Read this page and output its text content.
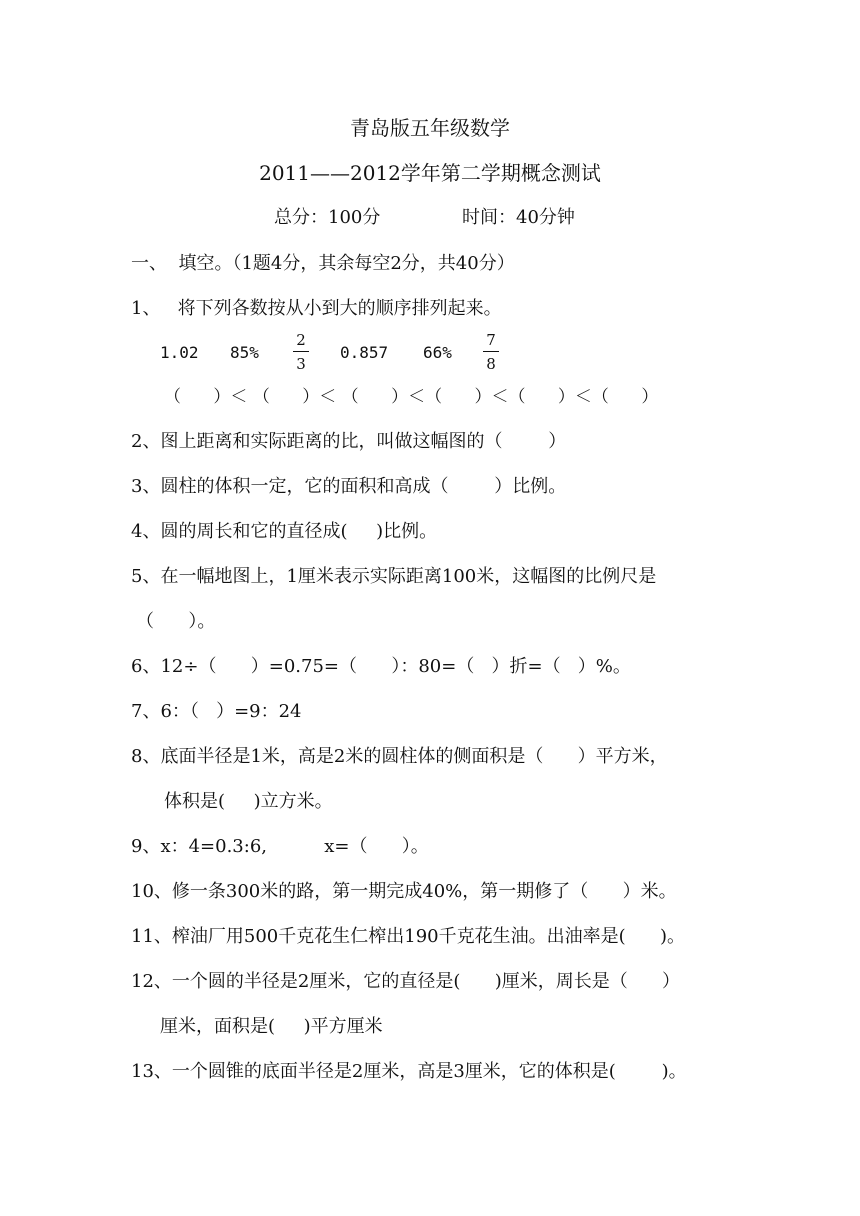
青岛版五年级数学
2011——2012学年第二学期概念测试
总分：100分	时间：40分钟
一、  填空。（1题4分，其余每空2分，共40分）
1、   将下列各数按从小到大的顺序排列起来。
1.02 85%
2
3
0.857 66%
7
8
（      ）＜ （      ）＜ （      ）＜（      ）＜（      ）＜（      ）
2、图上距离和实际距离的比，叫做这幅图的（        ）
3、圆柱的体积一定，它的面积和高成（        ）比例。
4、圆的周长和它的直径成(     )比例。
5、在一幅地图上，1厘米表示实际距离100米，这幅图的比例尺是
（      ）。
6、12÷（      ）=0.75=（      ）：80=（   ）折=（   ）%。
7、6：（   ）=9：24
8、底面半径是1米，高是2米的圆柱体的侧面积是（      ）平方米，
体积是(     )立方米。
9、x：4=0.3:6,          x=（      ）。
10、修一条300米的路，第一期完成40%，第一期修了（      ）米。
11、榨油厂用500千克花生仁榨出190千克花生油。出油率是(      )。
12、一个圆的半径是2厘米，它的直径是(      )厘米，周长是（      ）
厘米，面积是(     )平方厘米
13、一个圆锥的底面半径是2厘米，高是3厘米，它的体积是(        )。
